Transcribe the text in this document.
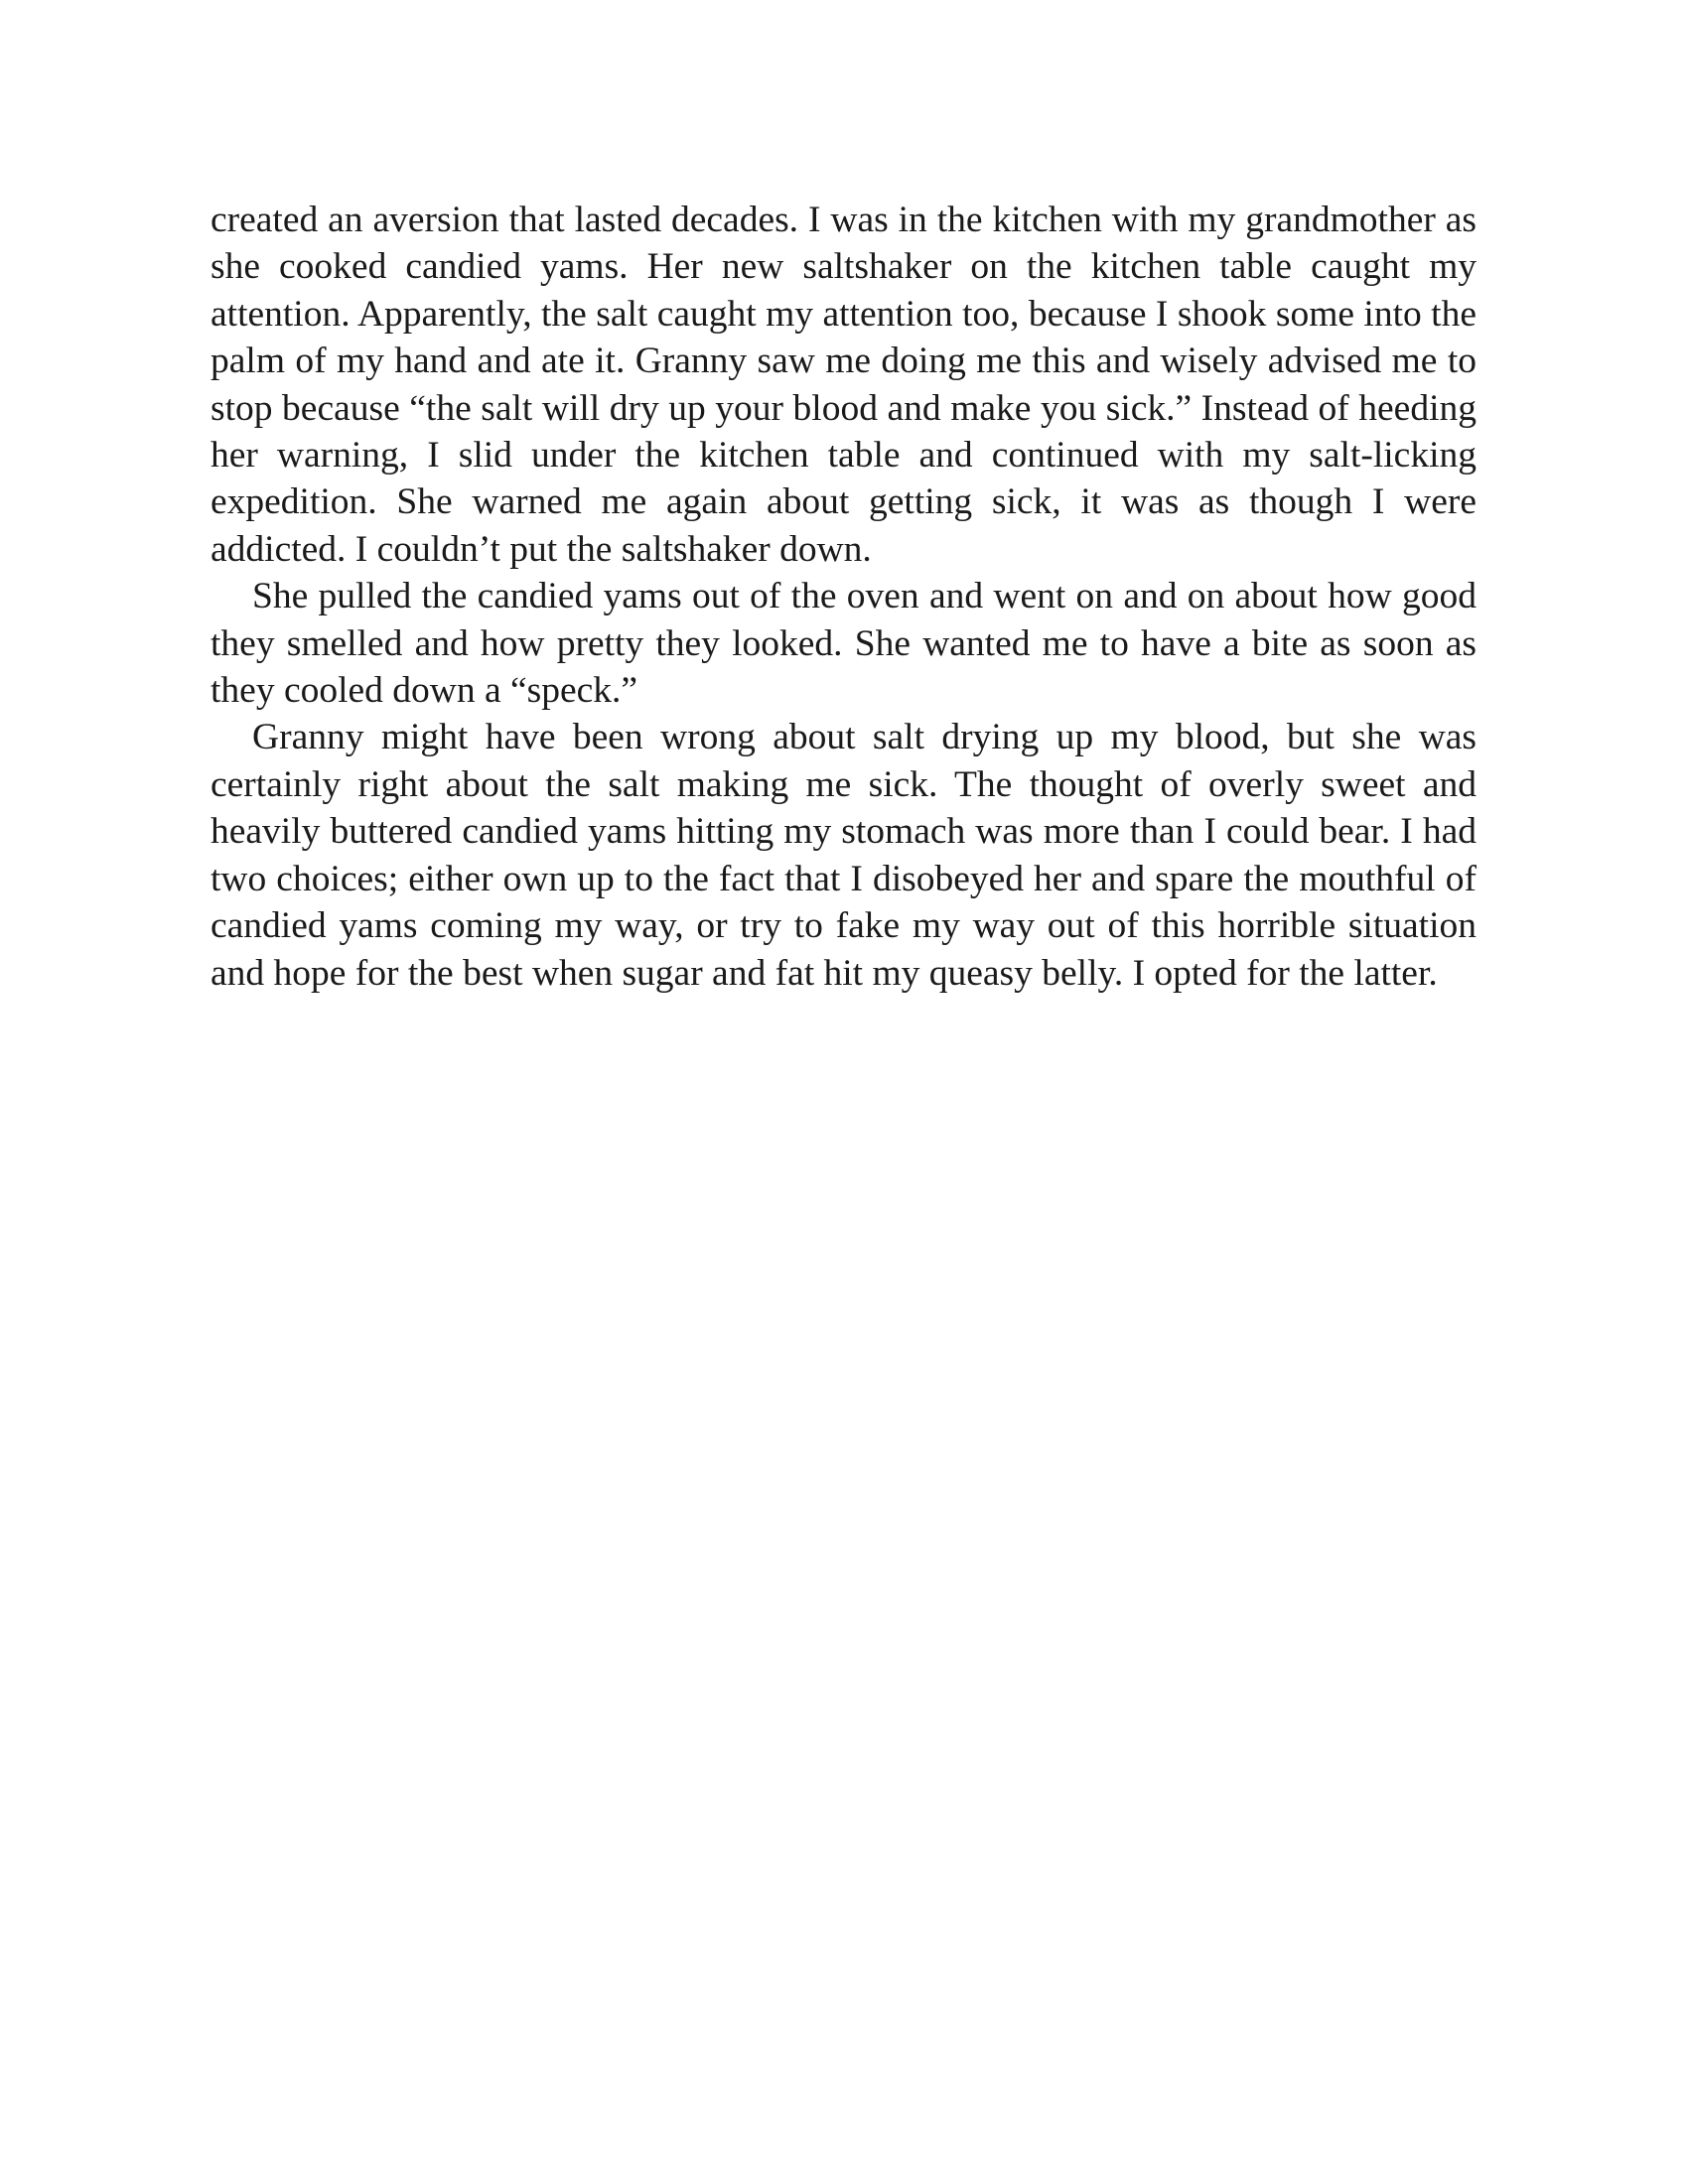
created an aversion that lasted decades. I was in the kitchen with my grandmother as she cooked candied yams. Her new saltshaker on the kitchen table caught my attention. Apparently, the salt caught my attention too, because I shook some into the palm of my hand and ate it. Granny saw me doing me this and wisely advised me to stop because “the salt will dry up your blood and make you sick.” Instead of heeding her warning, I slid under the kitchen table and continued with my salt-licking expedition. She warned me again about getting sick, it was as though I were addicted. I couldn’t put the saltshaker down.

She pulled the candied yams out of the oven and went on and on about how good they smelled and how pretty they looked. She wanted me to have a bite as soon as they cooled down a “speck.”

Granny might have been wrong about salt drying up my blood, but she was certainly right about the salt making me sick. The thought of overly sweet and heavily buttered candied yams hitting my stomach was more than I could bear. I had two choices; either own up to the fact that I disobeyed her and spare the mouthful of candied yams coming my way, or try to fake my way out of this horrible situation and hope for the best when sugar and fat hit my queasy belly. I opted for the latter.
